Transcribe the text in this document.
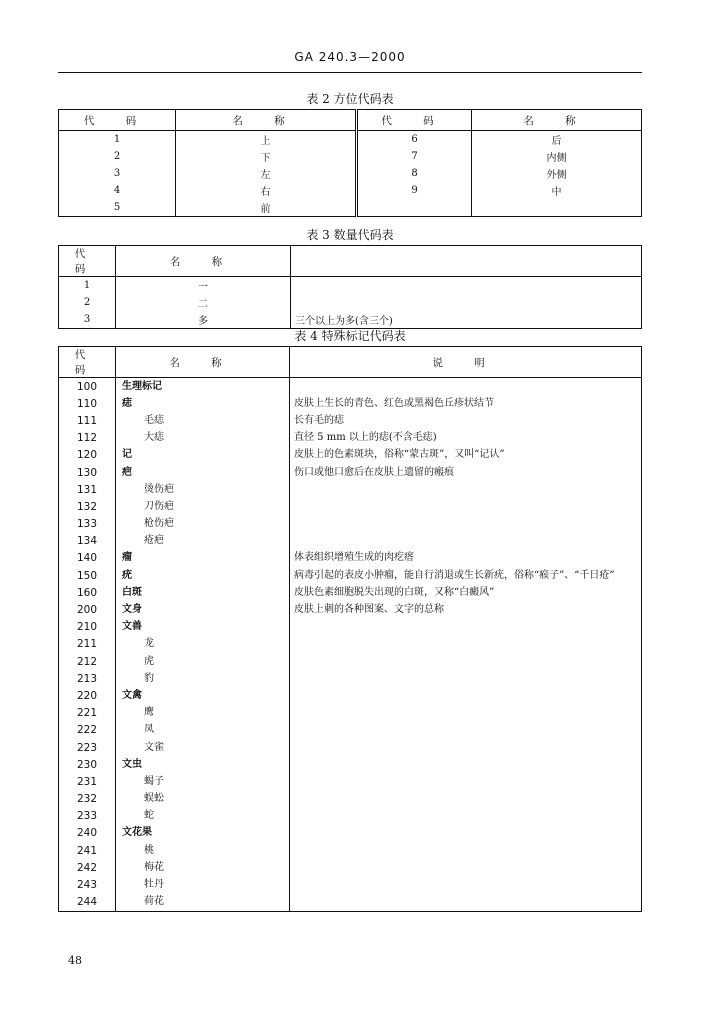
GA 240.3—2000
表 2 方位代码表
代 码	名 称	代 码	名 称
1	上	6	后
2	下	7	内侧
3	左	8	外侧
4	右	9	中
5	前		
表 3 数量代码表
代 码	名 称	
1	一	
2	二	
3	多	三个以上为多(含三个)
表 4 特殊标记代码表
代 码	名 称	说 明
100	生理标记	
110	痣	皮肤上生长的青色、红色或黑褐色丘疹状结节
111	毛痣	长有毛的痣
112	大痣	直径 5 mm 以上的痣(不含毛痣)
120	记	皮肤上的色素斑块，俗称“蒙古斑”，又叫“记认”
130	疤	伤口或他口愈后在皮肤上遗留的瘢痕
131	烫伤疤	
132	刀伤疤	
133	枪伤疤	
134	疮疤	
140	瘤	体表组织增殖生成的肉疙瘩
150	疣	病毒引起的表皮小肿瘤，能自行消退或生长新疣，俗称“瘊子”、“千日疮”
160	白斑	皮肤色素细胞脱失出现的白斑，又称“白癜风”
200	文身	皮肤上刺的各种图案、文字的总称
210	文兽	
211	龙	
212	虎	
213	豹	
220	文禽	
221	鹰	
222	凤	
223	文雀	
230	文虫	
231	蝎子	
232	蜈蚣	
233	蛇	
240	文花果	
241	桃	
242	梅花	
243	牡丹	
244	荷花	
48
